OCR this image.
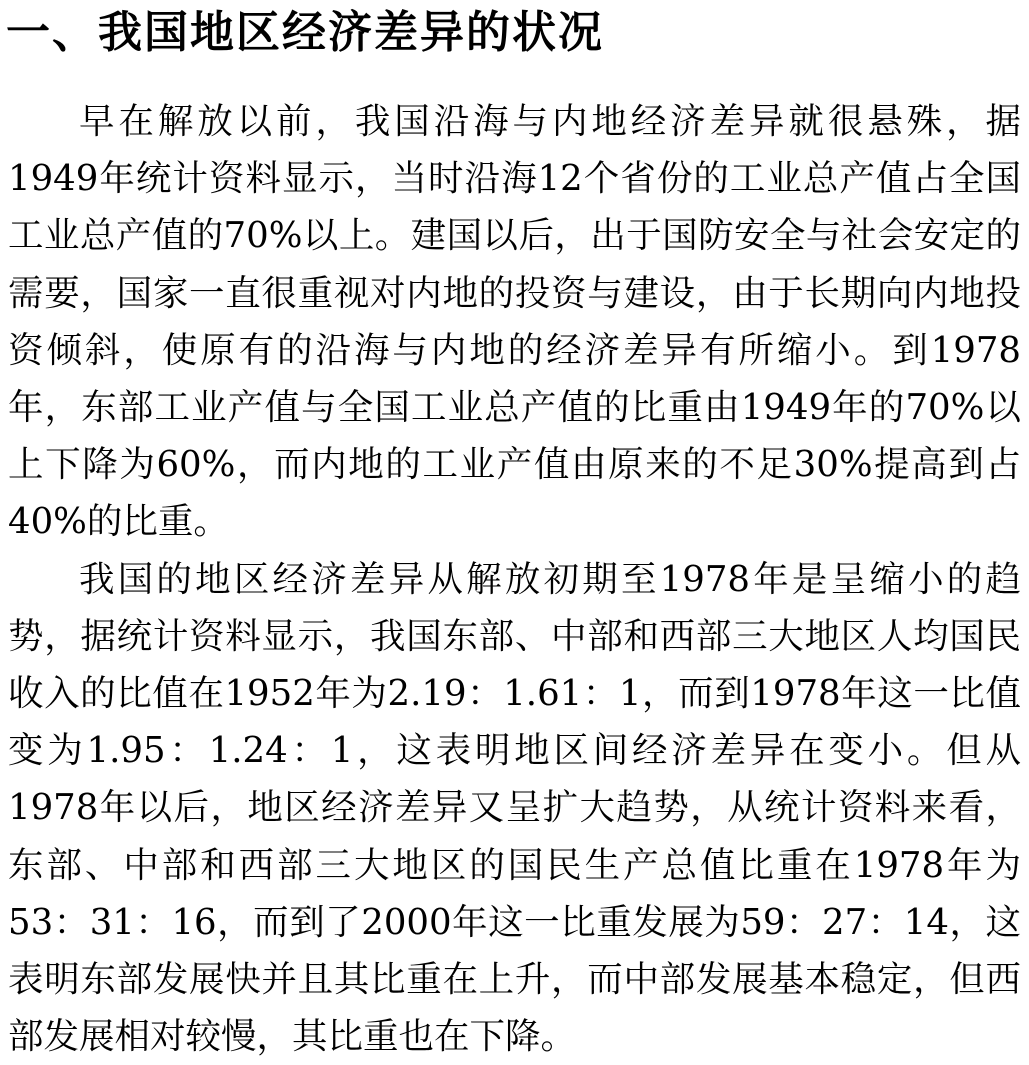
一、我国地区经济差异的状况

早在解放以前，我国沿海与内地经济差异就很悬殊，据1949年统计资料显示，当时沿海12个省份的工业总产值占全国工业总产值的70%以上。建国以后，出于国防安全与社会安定的需要，国家一直很重视对内地的投资与建设，由于长期向内地投资倾斜，使原有的沿海与内地的经济差异有所缩小。到1978年，东部工业产值与全国工业总产值的比重由1949年的70%以上下降为60%，而内地的工业产值由原来的不足30%提高到占40%的比重。

我国的地区经济差异从解放初期至1978年是呈缩小的趋势，据统计资料显示，我国东部、中部和西部三大地区人均国民收入的比值在1952年为2.19：1.61：1，而到1978年这一比值变为1.95：1.24：1，这表明地区间经济差异在变小。但从1978年以后，地区经济差异又呈扩大趋势，从统计资料来看，东部、中部和西部三大地区的国民生产总值比重在1978年为53：31：16，而到了2000年这一比重发展为59：27：14，这表明东部发展快并且其比重在上升，而中部发展基本稳定，但西部发展相对较慢，其比重也在下降。
